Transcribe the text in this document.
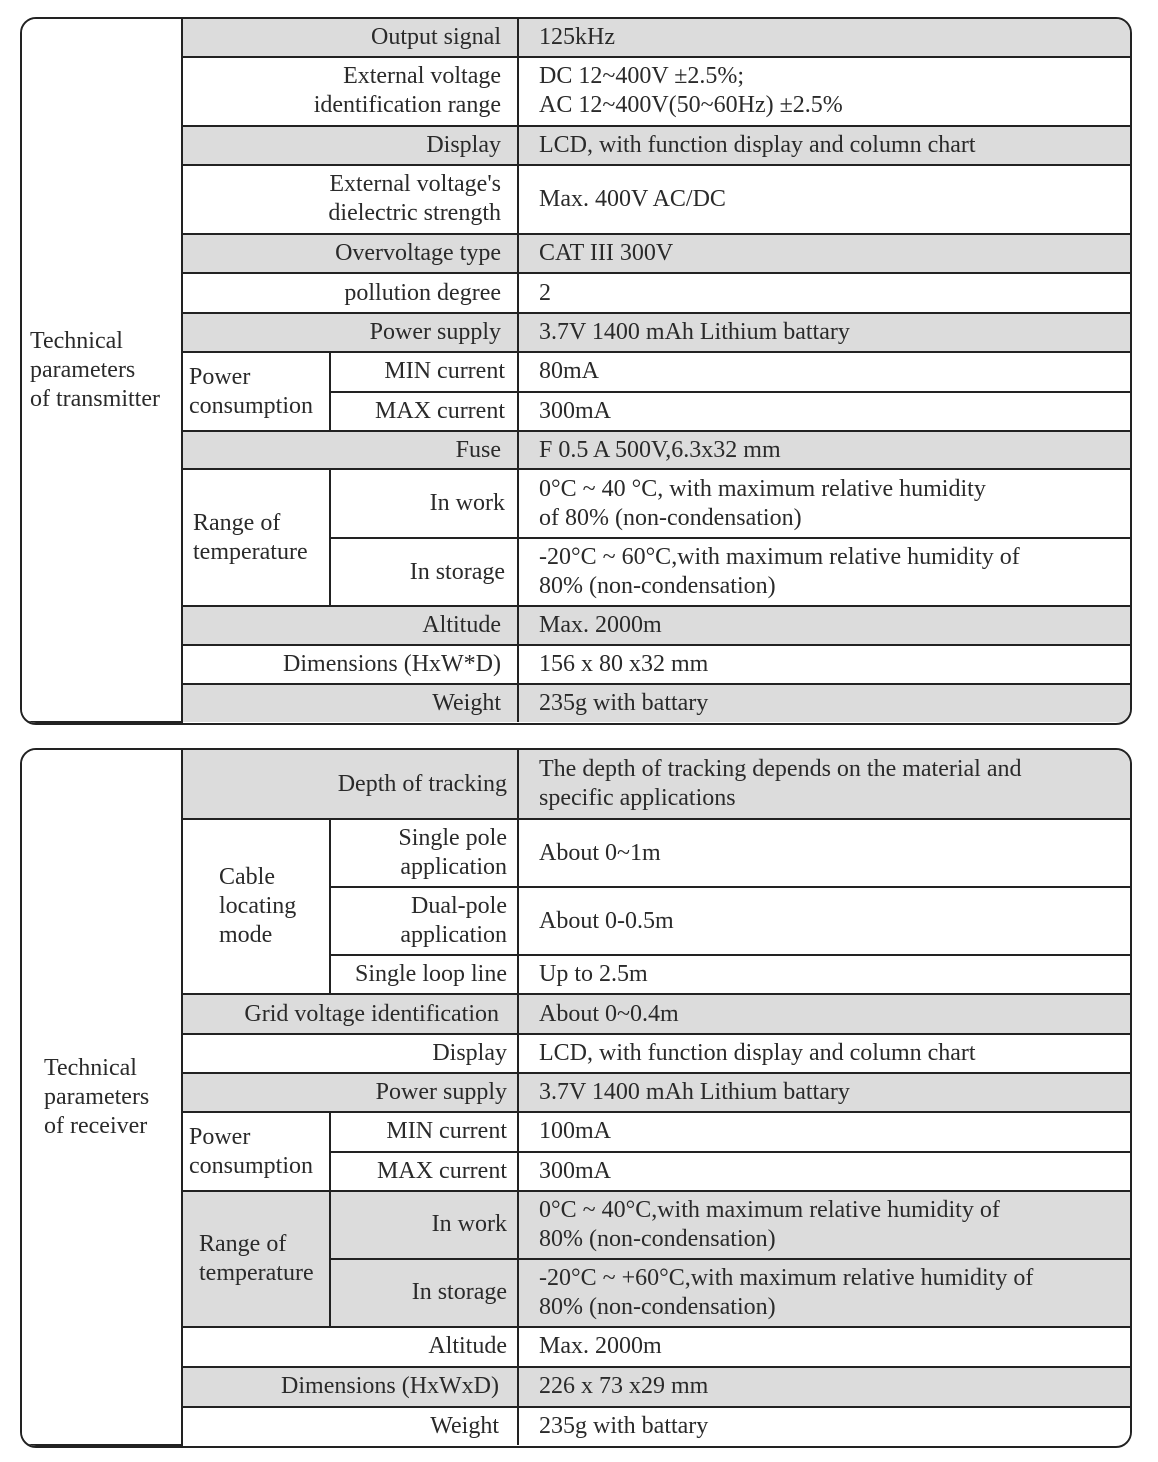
Technical
parameters
of transmitter	Output signal		125kHz

	External voltage
identification range		DC 12~400V ±2.5%;
AC 12~400V(50~60Hz) ±2.5%

	Display		LCD, with function display and column chart

	External voltage's
dielectric strength		Max. 400V AC/DC
	Overvoltage type		CAT III 300V
	pollution degree		2
	Power supply		3.7V 1400 mAh Lithium battary

	Power
consumption	MIN current	80mA
		MAX current	300mA
	Fuse		F 0.5 A 500V,6.3x32 mm

	Range of
temperature	In work	0°C ~ 40 °C, with maximum relative humidity
of 80% (non-condensation)

		In storage	-20°C ~ 60°C,with maximum relative humidity of
80% (non-condensation)

	Altitude		Max. 2000m
	Dimensions (HxW*D)		156 x 80 x32 mm
	Weight		235g with battary
Technical
parameters
of receiver	Depth of tracking		The depth of tracking depends on the material and
specific applications

	Cable
locating
mode	Single pole
application	About 0~1m

		Dual-pole
application	About 0-0.5m
		Single loop line	Up to 2.5m
	Grid voltage identification		About 0~0.4m
	Display		LCD, with function display and column chart
	Power supply		3.7V 1400 mAh Lithium battary

	Power
consumption	MIN current	100mA
		MAX current	300mA

	Range of
temperature	In work	0°C ~ 40°C,with maximum relative humidity of
80% (non-condensation)

		In storage	-20°C ~ +60°C,with maximum relative humidity of
80% (non-condensation)

	Altitude		Max. 2000m
	Dimensions (HxWxD)		226 x 73 x29 mm
	Weight		235g with battary
